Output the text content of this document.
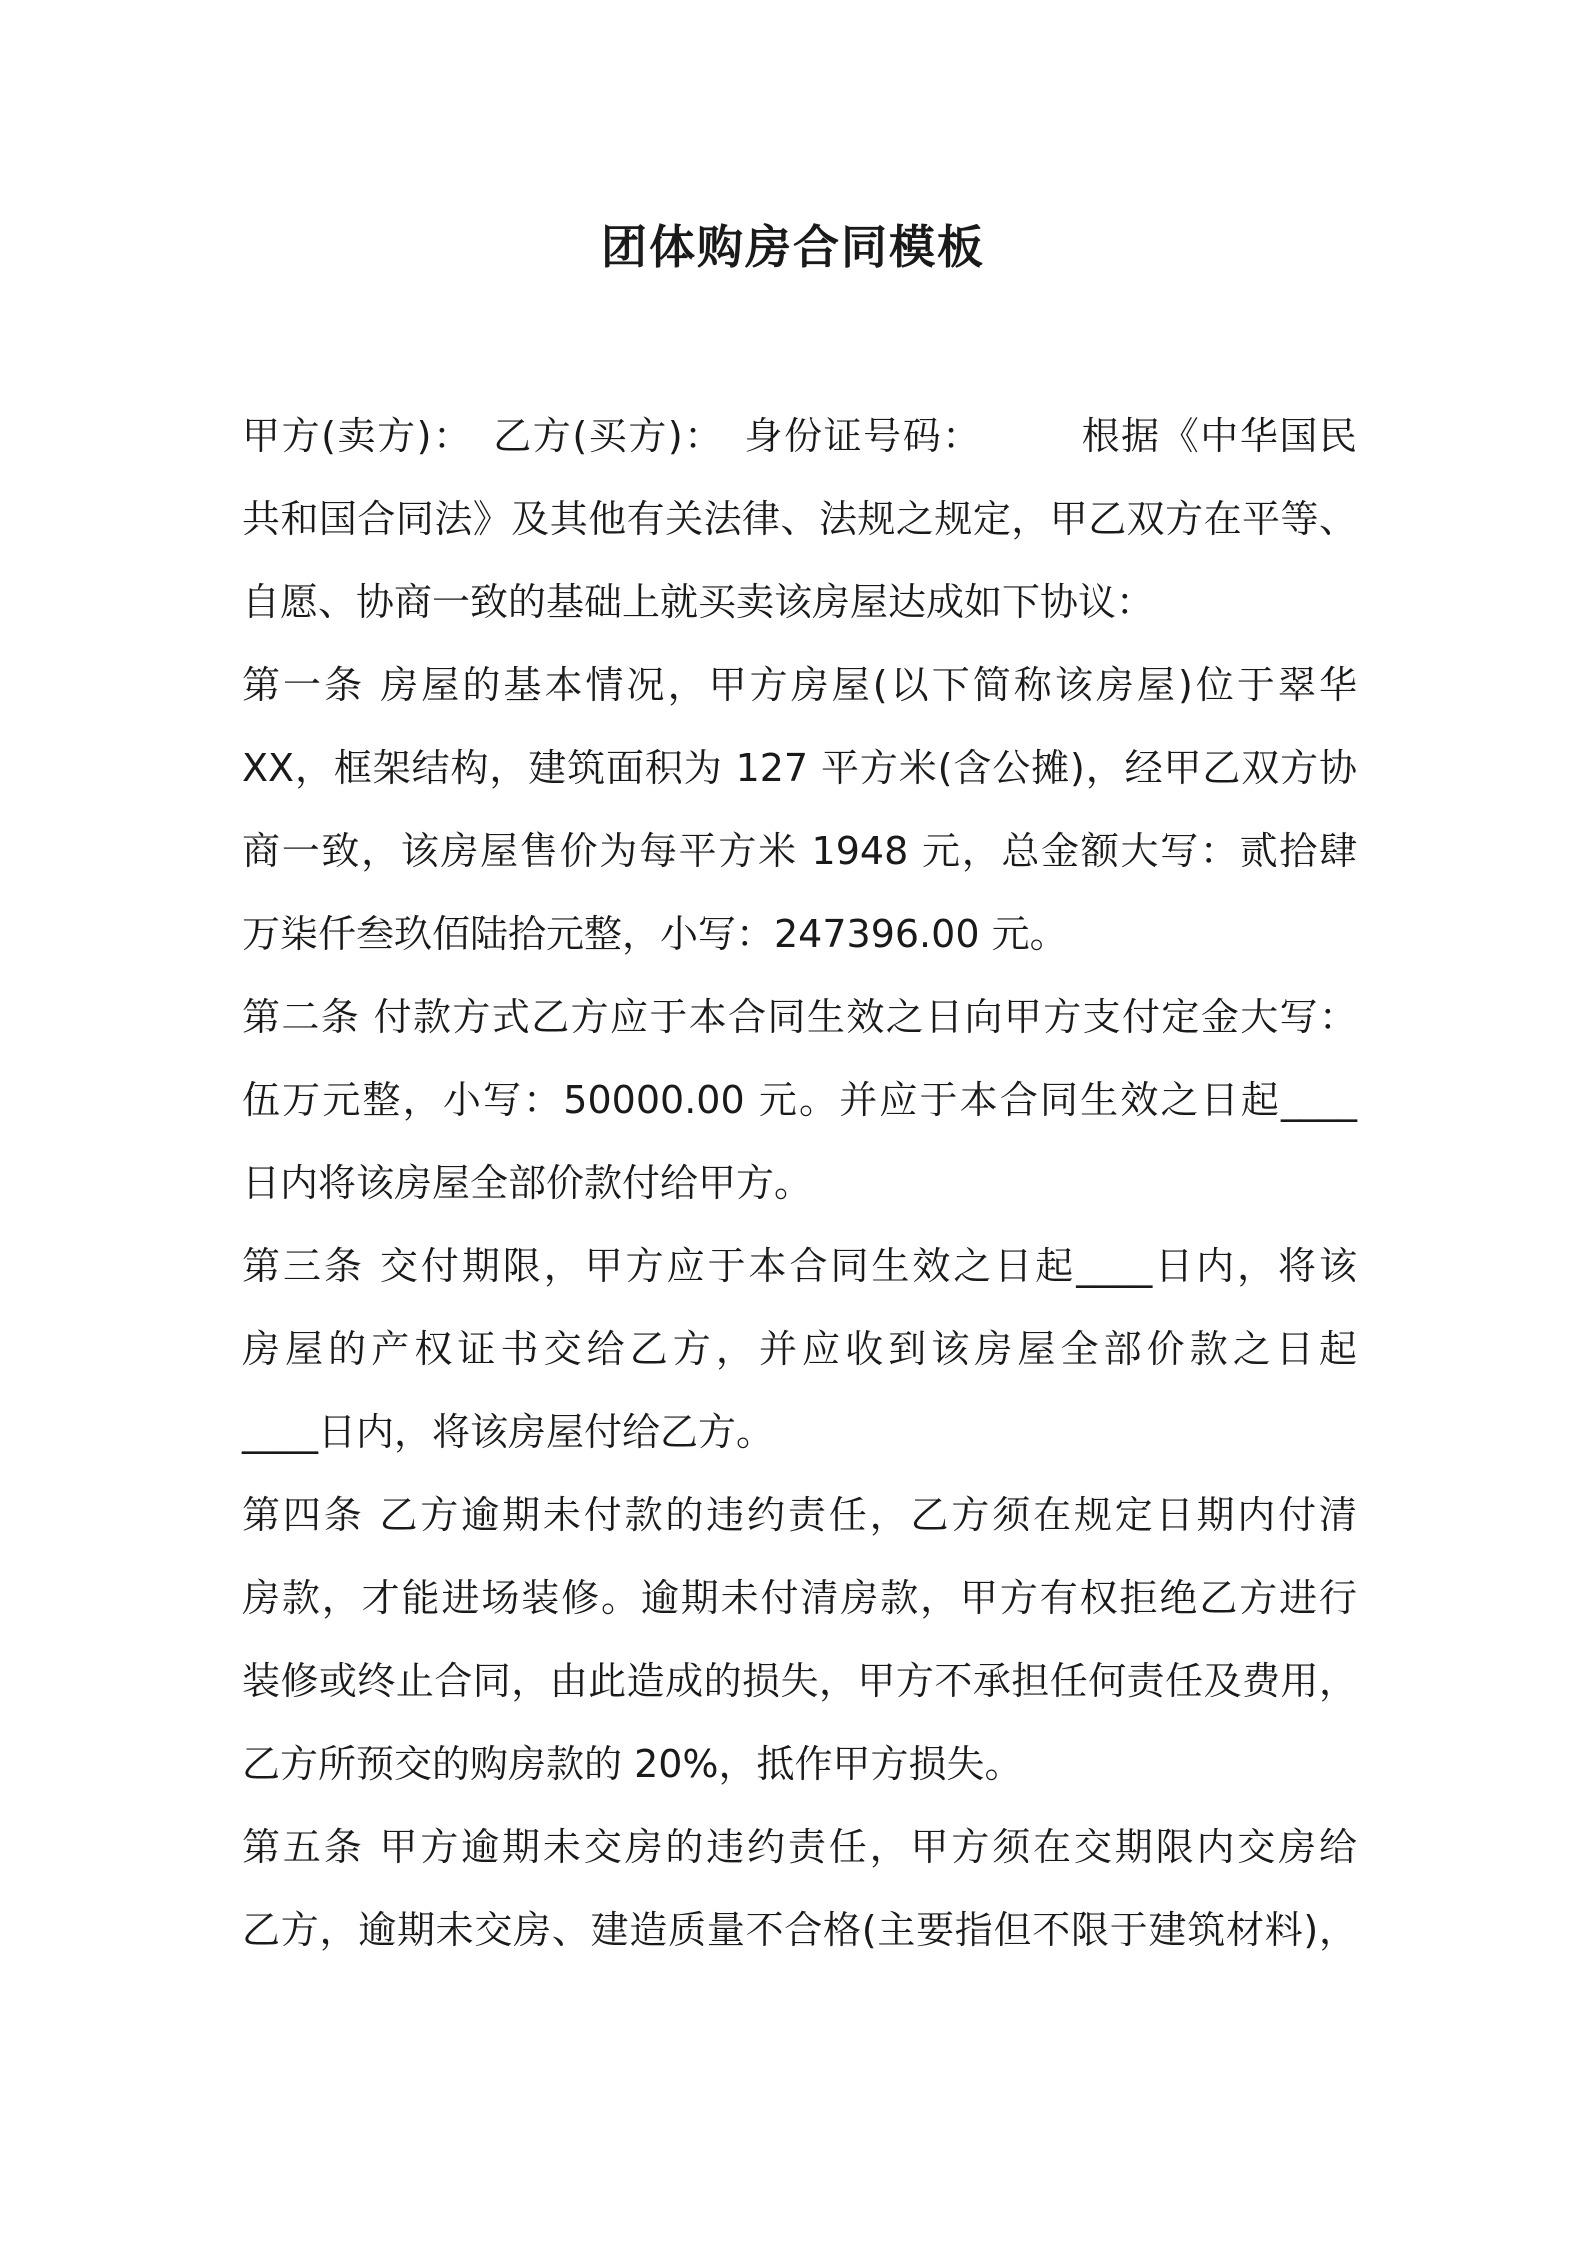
团体购房合同模板
甲方(卖方)：　乙方(买方)：　身份证号码：　　　根据《中华国民
共和国合同法》及其他有关法律、法规之规定，甲乙双方在平等、
自愿、协商一致的基础上就买卖该房屋达成如下协议：
第一条 房屋的基本情况，甲方房屋(以下简称该房屋)位于翠华
XX，框架结构，建筑面积为 127 平方米(含公摊)，经甲乙双方协
商一致，该房屋售价为每平方米 1948 元，总金额大写：贰拾肆
万柒仟叁玖佰陆拾元整，小写：247396.00 元。
第二条 付款方式乙方应于本合同生效之日向甲方支付定金大写：
伍万元整，小写：50000.00 元。并应于本合同生效之日起____
日内将该房屋全部价款付给甲方。
第三条 交付期限，甲方应于本合同生效之日起____日内，将该
房屋的产权证书交给乙方，并应收到该房屋全部价款之日起
____日内，将该房屋付给乙方。
第四条 乙方逾期未付款的违约责任，乙方须在规定日期内付清
房款，才能进场装修。逾期未付清房款，甲方有权拒绝乙方进行
装修或终止合同，由此造成的损失，甲方不承担任何责任及费用，
乙方所预交的购房款的 20%，抵作甲方损失。
第五条 甲方逾期未交房的违约责任，甲方须在交期限内交房给
乙方，逾期未交房、建造质量不合格(主要指但不限于建筑材料)，
